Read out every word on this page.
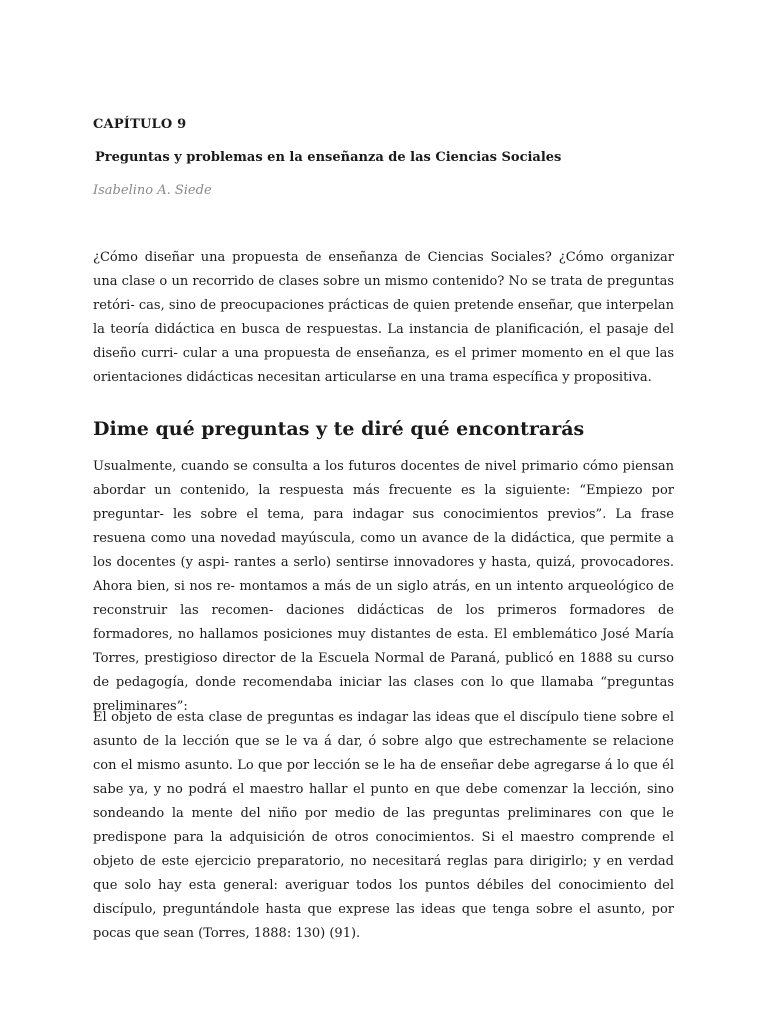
CAPÍTULO 9
Preguntas y problemas en la enseñanza de las Ciencias Sociales
Isabelino A. Siede

¿Cómo diseñar una propuesta de enseñanza de Ciencias Sociales? ¿Cómo organizar una clase o un recorrido de clases sobre un mismo contenido? No se trata de preguntas retóri- cas, sino de preocupaciones prácticas de quien pretende enseñar, que interpelan la teoría didáctica en busca de respuestas. La instancia de planificación, el pasaje del diseño curri- cular a una propuesta de enseñanza, es el primer momento en el que las orientaciones didácticas necesitan articularse en una trama específica y propositiva.

Dime qué preguntas y te diré qué encontrarás

Usualmente, cuando se consulta a los futuros docentes de nivel primario cómo piensan abordar un contenido, la respuesta más frecuente es la siguiente: “Empiezo por preguntar- les sobre el tema, para indagar sus conocimientos previos”. La frase resuena como una novedad mayúscula, como un avance de la didáctica, que permite a los docentes (y aspi- rantes a serlo) sentirse innovadores y hasta, quizá, provocadores. Ahora bien, si nos re- montamos a más de un siglo atrás, en un intento arqueológico de reconstruir las recomen- daciones didácticas de los primeros formadores de formadores, no hallamos posiciones muy distantes de esta. El emblemático José María Torres, prestigioso director de la Escuela Normal de Paraná, publicó en 1888 su curso de pedagogía, donde recomendaba iniciar las clases con lo que llamaba “preguntas preliminares”:

El objeto de esta clase de preguntas es indagar las ideas que el discípulo tiene sobre el asunto de la lección que se le va á dar, ó sobre algo que estrechamente se relacione con el mismo asunto. Lo que por lección se le ha de enseñar debe agregarse á lo que él sabe ya, y no podrá el maestro hallar el punto en que debe comenzar la lección, sino sondeando la mente del niño por medio de las preguntas preliminares con que le predispone para la adquisición de otros conocimientos. Si el maestro comprende el objeto de este ejercicio preparatorio, no necesitará reglas para dirigirlo; y en verdad que solo hay esta general: averiguar todos los puntos débiles del conocimiento del discípulo, preguntándole hasta que exprese las ideas que tenga sobre el asunto, por pocas que sean (Torres, 1888: 130) (91).
